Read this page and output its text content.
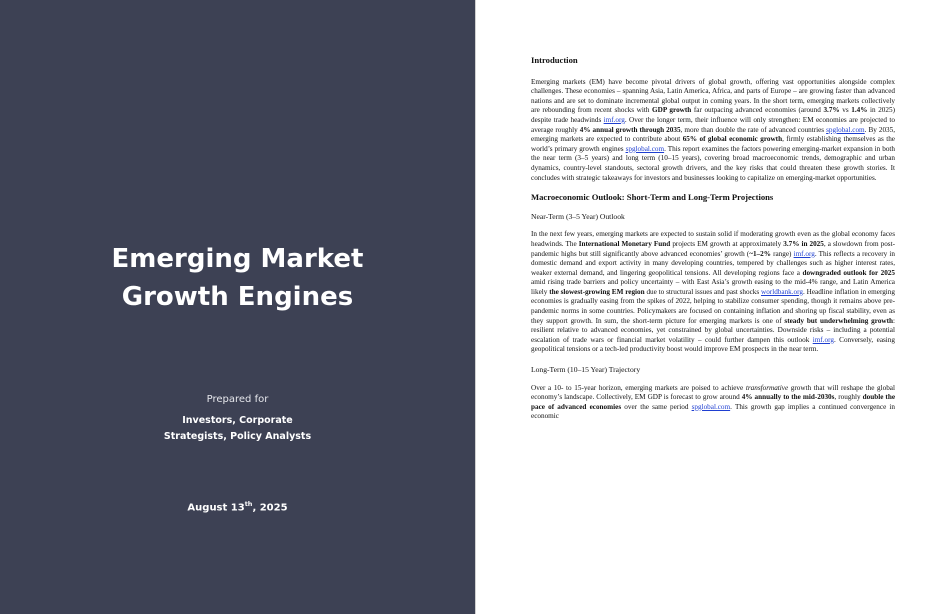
Emerging Market
Growth Engines
Prepared for
Investors, Corporate
Strategists, Policy Analysts
August 13th, 2025
Introduction

Emerging markets (EM) have become pivotal drivers of global growth, offering vast opportunities alongside complex challenges. These economies – spanning Asia, Latin America, Africa, and parts of Europe – are growing faster than advanced nations and are set to dominate incremental global output in coming years. In the short term, emerging markets collectively are rebounding from recent shocks with GDP growth far outpacing advanced economies (around 3.7% vs 1.4% in 2025) despite trade headwinds imf.org. Over the longer term, their influence will only strengthen: EM economies are projected to average roughly 4% annual growth through 2035, more than double the rate of advanced countries spglobal.com. By 2035, emerging markets are expected to contribute about 65% of global economic growth, firmly establishing themselves as the world’s primary growth engines spglobal.com. This report examines the factors powering emerging-market expansion in both the near term (3–5 years) and long term (10–15 years), covering broad macroeconomic trends, demographic and urban dynamics, country-level standouts, sectoral growth drivers, and the key risks that could threaten these growth stories. It concludes with strategic takeaways for investors and businesses looking to capitalize on emerging-market opportunities.

Macroeconomic Outlook: Short-Term and Long-Term Projections
Near-Term (3–5 Year) Outlook

In the next few years, emerging markets are expected to sustain solid if moderating growth even as the global economy faces headwinds. The International Monetary Fund projects EM growth at approximately 3.7% in 2025, a slowdown from post-pandemic highs but still significantly above advanced economies’ growth (~1–2% range) imf.org. This reflects a recovery in domestic demand and export activity in many developing countries, tempered by challenges such as higher interest rates, weaker external demand, and lingering geopolitical tensions. All developing regions face a downgraded outlook for 2025 amid rising trade barriers and policy uncertainty – with East Asia’s growth easing to the mid-4% range, and Latin America likely the slowest-growing EM region due to structural issues and past shocks worldbank.org. Headline inflation in emerging economies is gradually easing from the spikes of 2022, helping to stabilize consumer spending, though it remains above pre-pandemic norms in some countries. Policymakers are focused on containing inflation and shoring up fiscal stability, even as they support growth. In sum, the short-term picture for emerging markets is one of steady but underwhelming growth: resilient relative to advanced economies, yet constrained by global uncertainties. Downside risks – including a potential escalation of trade wars or financial market volatility – could further dampen this outlook imf.org. Conversely, easing geopolitical tensions or a tech-led productivity boost would improve EM prospects in the near term.

Long-Term (10–15 Year) Trajectory

Over a 10- to 15-year horizon, emerging markets are poised to achieve transformative growth that will reshape the global economy’s landscape. Collectively, EM GDP is forecast to grow around 4% annually to the mid-2030s, roughly double the pace of advanced economies over the same period spglobal.com. This growth gap implies a continued convergence in economic
